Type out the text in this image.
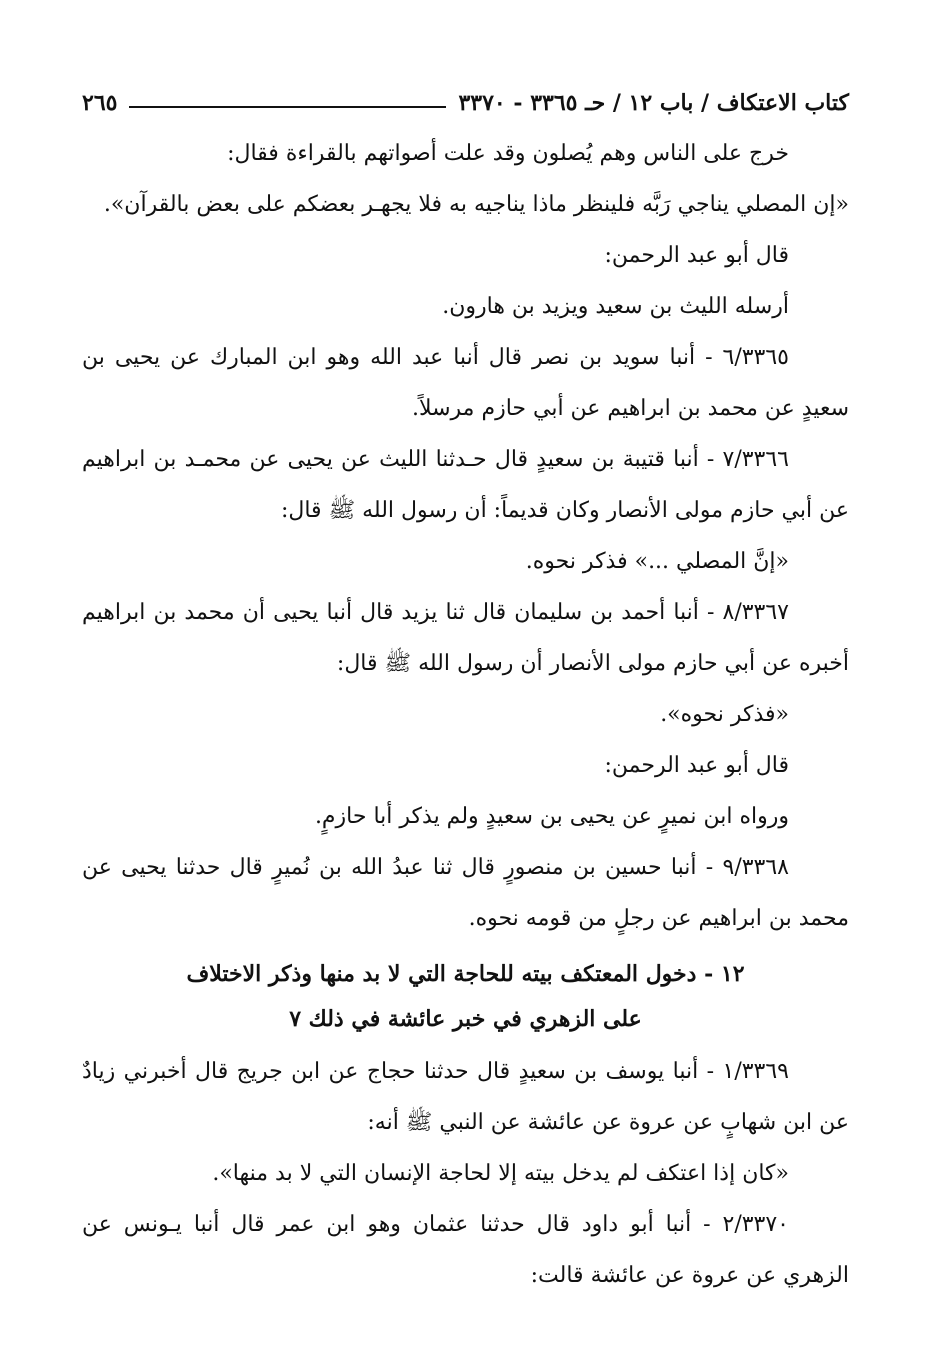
كتاب الاعتكاف / باب ١٢ / حـ ٣٣٦٥ - ٣٣٧٠
٢٦٥

خرج على الناس وهم يُصلون وقد علت أصواتهم بالقراءة فقال:

«إن المصلي يناجي رَبَّه فلينظر ماذا يناجيه به فلا يجهـر بعضكم على بعض بالقرآن».

قال أبو عبد الرحمن:

أرسله الليث بن سعيد ويزيد بن هارون.

٦/٣٣٦٥ - أنبا سويد بن نصر قال أنبا عبد الله وهو ابن المبارك عن يحيى بن سعيدٍ عن محمد بن ابراهيم عن أبي حازم مرسلاً.

٧/٣٣٦٦ - أنبا قتيبة بن سعيدٍ قال حـدثنا الليث عن يحيى عن محمـد بن ابراهيم عن أبي حازم مولى الأنصار وكان قديماً: أن رسول الله ﷺ قال:

«إنَّ المصلي ...» فذكر نحوه.

٨/٣٣٦٧ - أنبا أحمد بن سليمان قال ثنا يزيد قال أنبا يحيى أن محمد بن ابراهيم أخبره عن أبي حازم مولى الأنصار أن رسول الله ﷺ قال:

«فذكر نحوه».

قال أبو عبد الرحمن:

ورواه ابن نميرٍ عن يحيى بن سعيدٍ ولم يذكر أبا حازمٍ.

٩/٣٣٦٨ - أنبا حسين بن منصورٍ قال ثنا عبدُ الله بن نُميرٍ قال حدثنا يحيى عن محمد بن ابراهيم عن رجلٍ من قومه نحوه.

١٢ - دخول المعتكف بيته للحاجة التي لا بد منها وذكر الاختلاف
على الزهري في خبر عائشة في ذلك ٧

١/٣٣٦٩ - أنبا يوسف بن سعيدٍ قال حدثنا حجاج عن ابن جريج قال أخبرني زيادٌ عن ابن شهابٍ عن عروة عن عائشة عن النبي ﷺ أنه:

«كان إذا اعتكف لم يدخل بيته إلا لحاجة الإنسان التي لا بد منها».

٢/٣٣٧٠ - أنبا أبو داود قال حدثنا عثمان وهو ابن عمر قال أنبا يـونس عن الزهري عن عروة عن عائشة قالت:
